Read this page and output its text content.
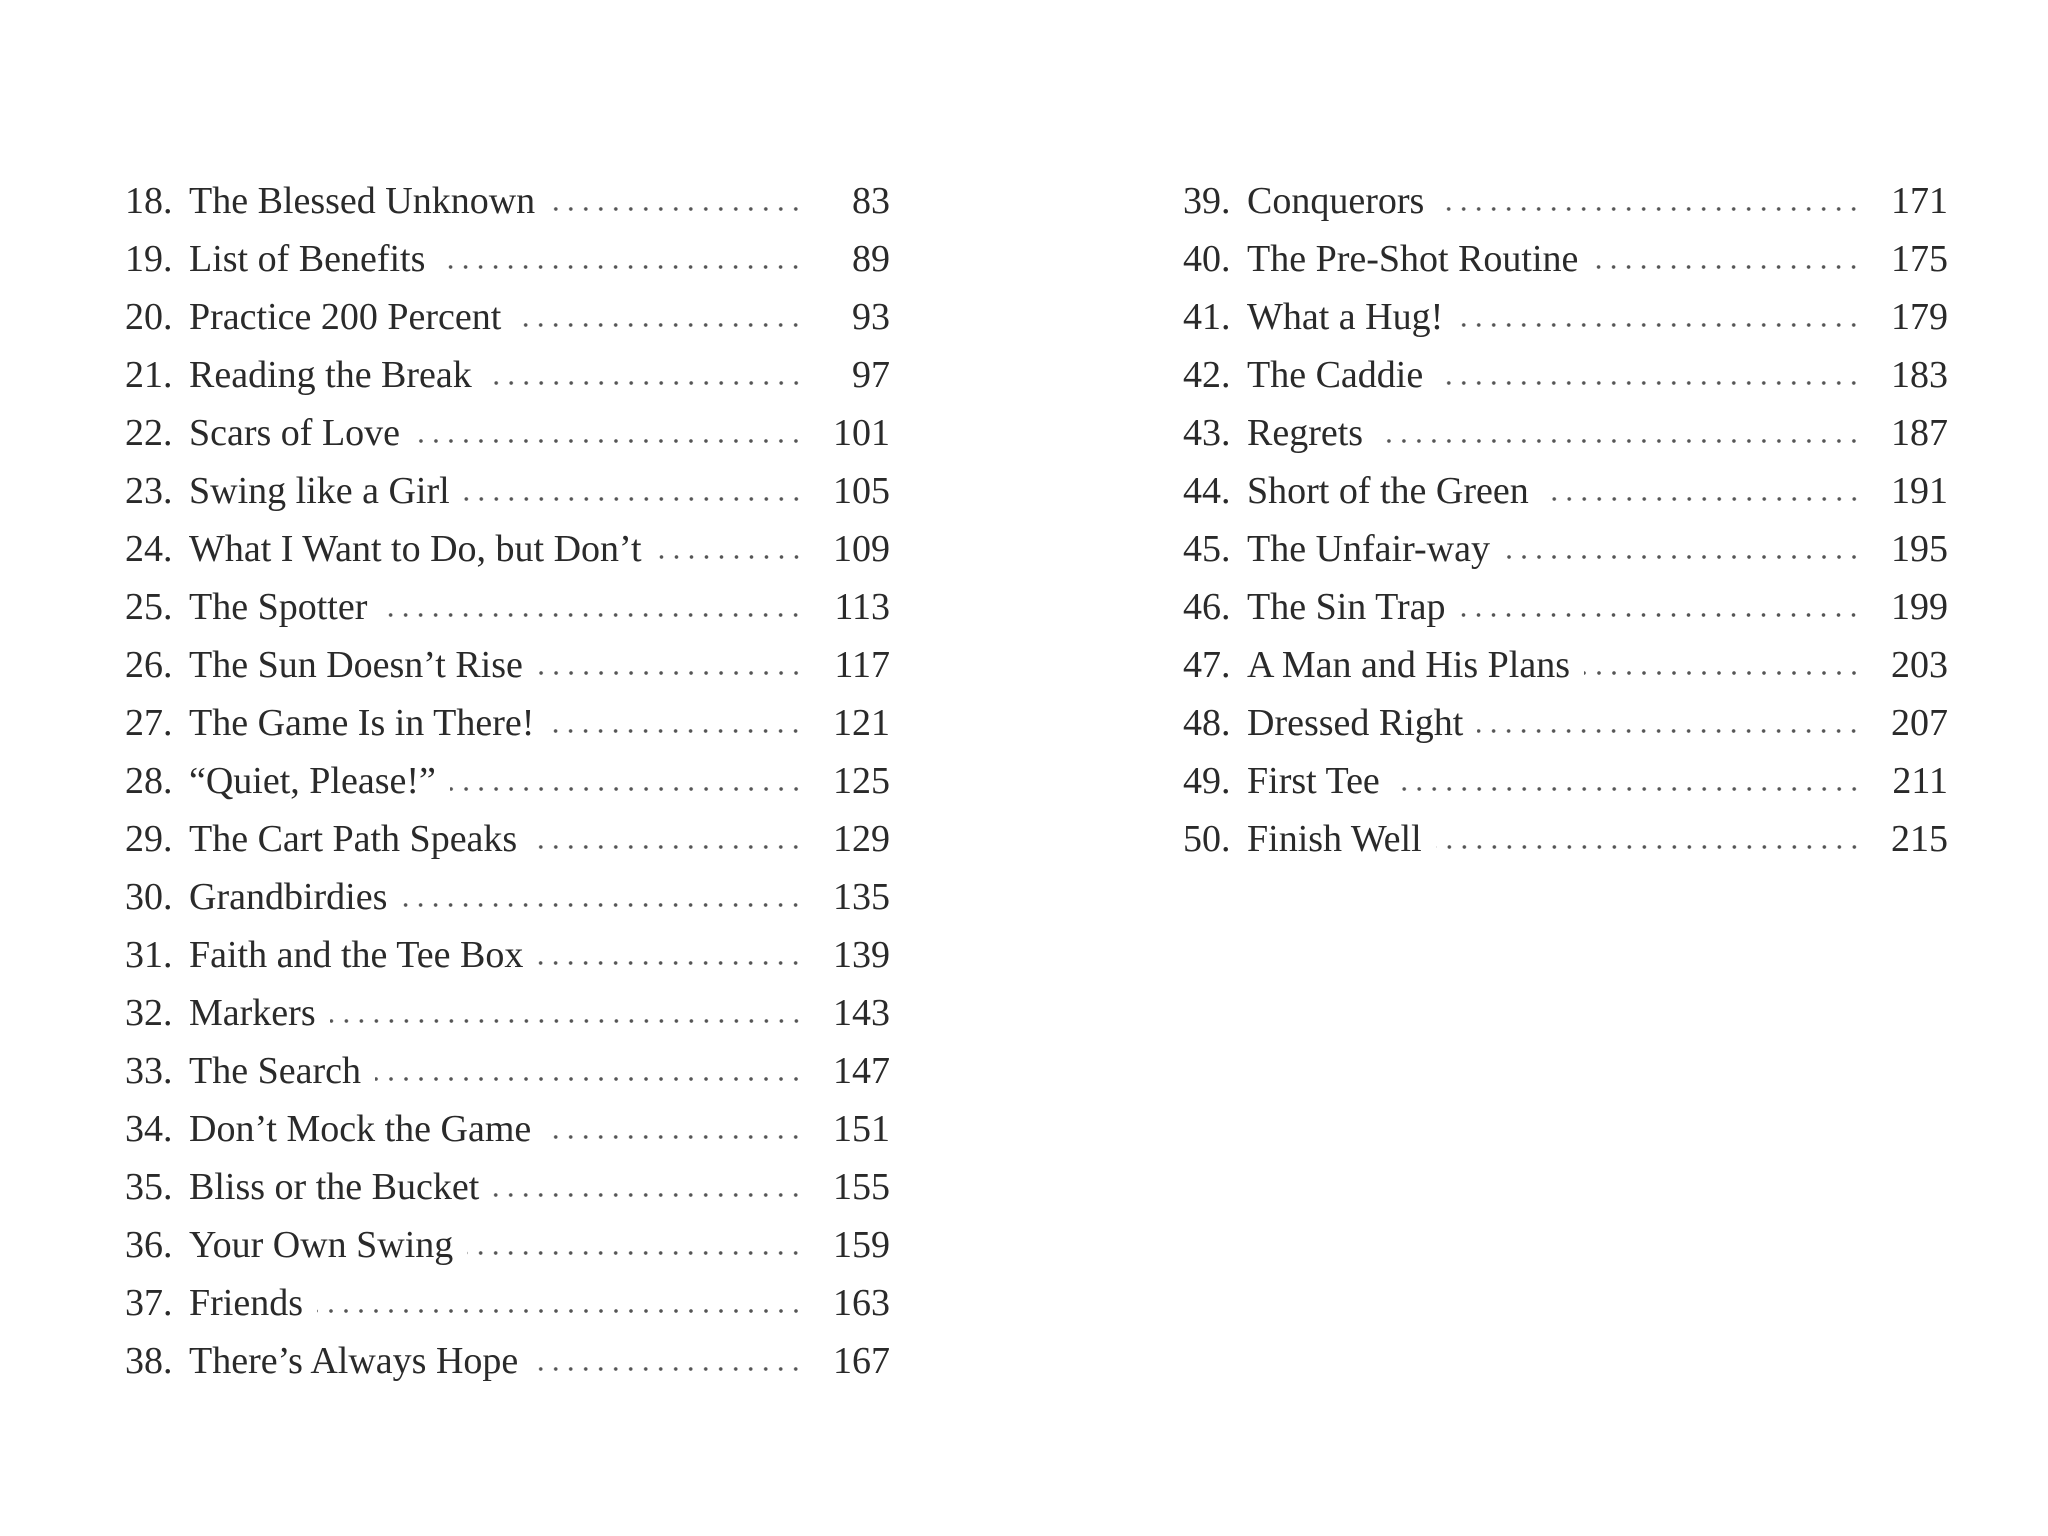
18. The Blessed Unknown	83
19. List of Benefits	89
20. Practice 200 Percent	93
21. Reading the Break	97
22. Scars of Love	101
23. Swing like a Girl	105
24. What I Want to Do, but Don’t	109
25. The Spotter	113
26. The Sun Doesn’t Rise	117
27. The Game Is in There!	121
28. “Quiet, Please!”	125
29. The Cart Path Speaks	129
30. Grandbirdies	135
31. Faith and the Tee Box	139
32. Markers	143
33. The Search	147
34. Don’t Mock the Game	151
35. Bliss or the Bucket	155
36. Your Own Swing	159
37. Friends	163
38. There’s Always Hope	167
39. Conquerors	171
40. The Pre-Shot Routine	175
41. What a Hug!	179
42. The Caddie	183
43. Regrets	187
44. Short of the Green	191
45. The Unfair-way	195
46. The Sin Trap	199
47. A Man and His Plans	203
48. Dressed Right	207
49. First Tee	211
50. Finish Well	215
